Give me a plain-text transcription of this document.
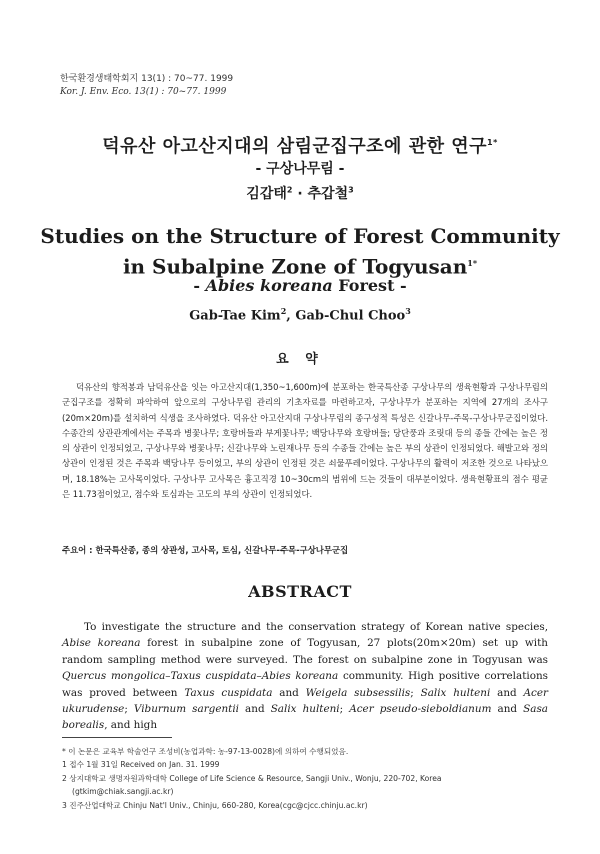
한국환경생태학회지 13(1) : 70~77. 1999
Kor. J. Env. Eco. 13(1) : 70~77. 1999
덕유산 아고산지대의 삼림군집구조에 관한 연구$^{1*}$
- 구상나무림 -
김갑태$^2$ · 추갑철$^3$
Studies on the Structure of Forest Community
in Subalpine Zone of Togyusan$^{1*}$
- Abies koreana Forest -
Gab-Tae Kim$^2$, Gab-Chul Choo$^3$
요 약
덕유산의 향적봉과 남덕유산을 잇는 아고산지대(1,350~1,600m)에 분포하는 한국특산종 구상나무의 생육현황과 구상나무림의 군집구조를 정확히 파악하여 앞으로의 구상나무림 관리의 기초자료를 마련하고자, 구상나무가 분포하는 지역에 27개의 조사구(20m×20m)를 설치하여 식생을 조사하였다. 덕유산 아고산지대 구상나무림의 종구성적 특성은 신갈나무-주목-구상나무군집이었다. 수종간의 상관관계에서는 주목과 병꽃나무; 호랑버들과 부게꽃나무; 백당나무와 호랑버들; 당단풍과 조릿대 등의 종들 간에는 높은 정의 상관이 인정되었고, 구상나무와 병꽃나무; 신갈나무와 노린재나무 등의 수종들 간에는 높은 부의 상관이 인정되었다. 해발고와 정의 상관이 인정된 것은 주목과 백당나무 등이었고, 부의 상관이 인정된 것은 쇠물푸레이었다. 구상나무의 활력이 저조한 것으로 나타났으며, 18.18%는 고사목이었다. 구상나무 고사목은 흉고직경 10~30cm의 범위에 드는 것들이 대부분이었다. 생육현황표의 점수 평균은 11.73점이었고, 점수와 토심과는 고도의 부의 상관이 인정되었다.
주요어 : 한국특산종, 종의 상관성, 고사목, 토심, 신갈나무-주목-구상나무군집
ABSTRACT
To investigate the structure and the conservation strategy of Korean native species, Abise koreana forest in subalpine zone of Togyusan, 27 plots(20m×20m) set up with random sampling method were surveyed. The forest on subalpine zone in Togyusan was Quercus mongolica–Taxus cuspidata–Abies koreana community. High positive correlations was proved between Taxus cuspidata and Weigela subsessilis; Salix hulteni and Acer ukurudense; Viburnum sargentii and Salix hulteni; Acer pseudo-sieboldianum and Sasa borealis, and high
* 이 논문은 교육부 학술연구 조성비(농업과학: 농-97-13-0028)에 의하여 수행되었음.
1 접수 1월 31일 Received on Jan. 31. 1999
2 상지대학교 생명자원과학대학 College of Life Science & Resource, Sangji Univ., Wonju, 220-702, Korea
(gtkim@chiak.sangji.ac.kr)
3 진주산업대학교 Chinju Nat'l Univ., Chinju, 660-280, Korea(cgc@cjcc.chinju.ac.kr)
